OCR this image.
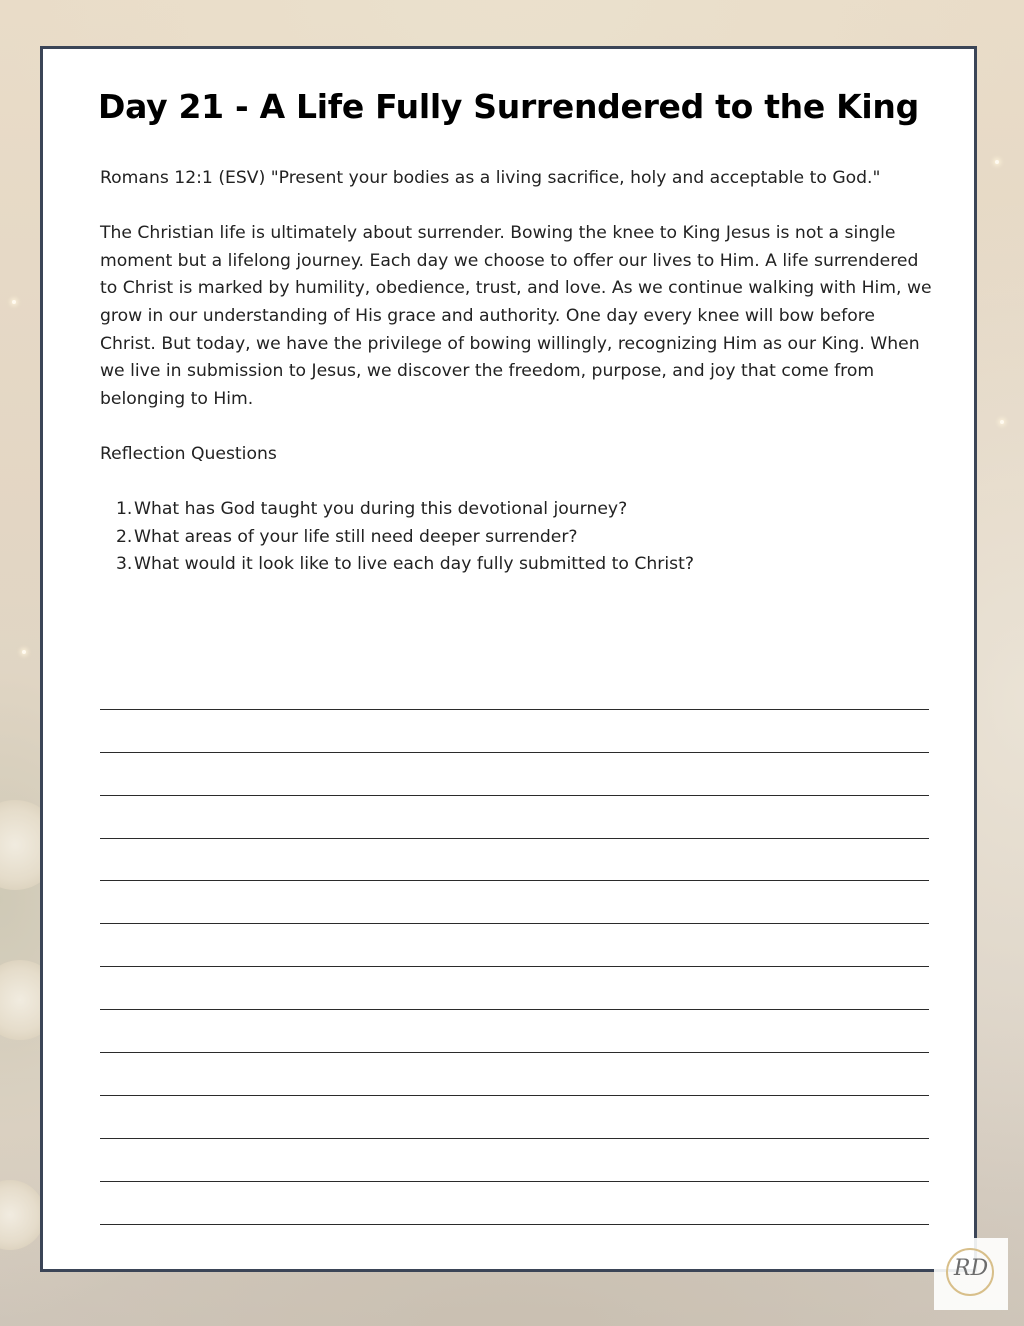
Day 21 - A Life Fully Surrendered to the King

Romans 12:1 (ESV) "Present your bodies as a living sacrifice, holy and acceptable to God."

The Christian life is ultimately about surrender. Bowing the knee to King Jesus is not a single moment but a lifelong journey. Each day we choose to offer our lives to Him. A life surrendered to Christ is marked by humility, obedience, trust, and love. As we continue walking with Him, we grow in our understanding of His grace and authority. One day every knee will bow before Christ. But today, we have the privilege of bowing willingly, recognizing Him as our King. When we live in submission to Jesus, we discover the freedom, purpose, and joy that come from belonging to Him.

Reflection Questions

1. What has God taught you during this devotional journey?
2. What areas of your life still need deeper surrender?
3. What would it look like to live each day fully submitted to Christ?
RD
